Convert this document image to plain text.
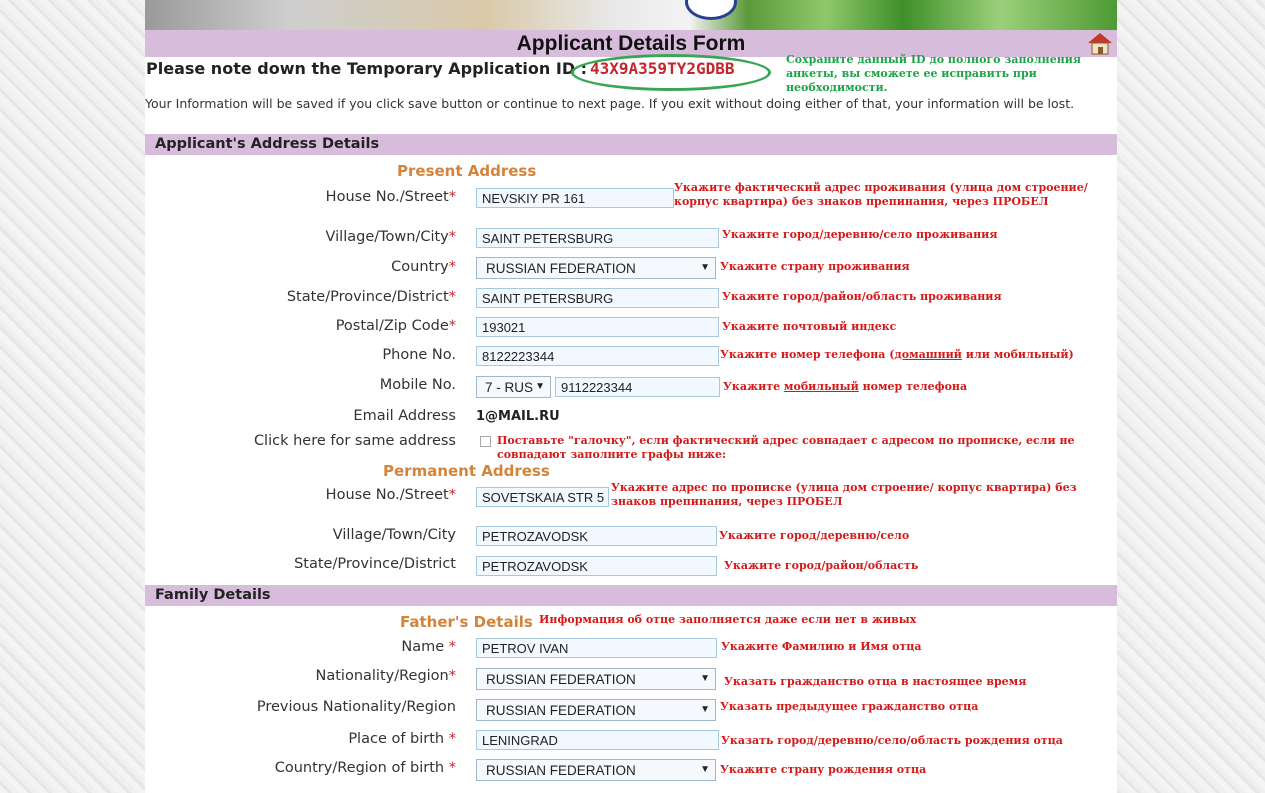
Applicant Details Form
Please note down the Temporary Application ID : 43X9A359TY2GDBB	Сохраните данный ID до полного заполнения анкеты, вы сможете ее исправить при необходимости.
Your Information will be saved if you click save button or continue to next page. If you exit without doing either of that, your information will be lost.
Applicant's Address Details
Present Address
House No./Street*	NEVSKIY PR 161
Укажите фактический адрес проживания (улица дом строение/корпус квартира) без знаков препинания, через ПРОБЕЛ
Village/Town/City*	SAINT PETERSBURG	Укажите город/деревню/село проживания
Country*	RUSSIAN FEDERATION	▼ Укажите страну проживания
State/Province/District*	SAINT PETERSBURG	Укажите город/район/область проживания
Postal/Zip Code*	193021	Укажите почтовый индекс
Phone No.	8122223344	Укажите номер телефона (домашний или мобильный)
Mobile No.	7 - RUS ▼	9112223344	Укажите мобильный номер телефона
Email Address 1@MAIL.RU
Click here for same address	Поставьте "галочку", если фактический адрес совпадает с адресом по прописке, если не совпадают заполните графы ниже:
Permanent Address
House No./Street*	SOVETSKAIA STR 5
Укажите адрес по прописке (улица дом строение/ корпус квартира) без знаков препинания, через ПРОБЕЛ
Village/Town/City	PETROZAVODSK	Укажите город/деревню/село
State/Province/District	PETROZAVODSK	Укажите город/район/область
Family Details
Father's Details Информация об отце заполняется даже если нет в живых
Name *	PETROV IVAN	Укажите Фамилию и Имя отца
Nationality/Region*	RUSSIAN FEDERATION	▼ Указать гражданство отца в настоящее время
Previous Nationality/Region	RUSSIAN FEDERATION	▼ Указать предыдущее гражданство отца
Place of birth *	LENINGRAD	Указать город/деревню/село/область рождения отца
Country/Region of birth *	RUSSIAN FEDERATION	▼ Укажите страну рождения отца
